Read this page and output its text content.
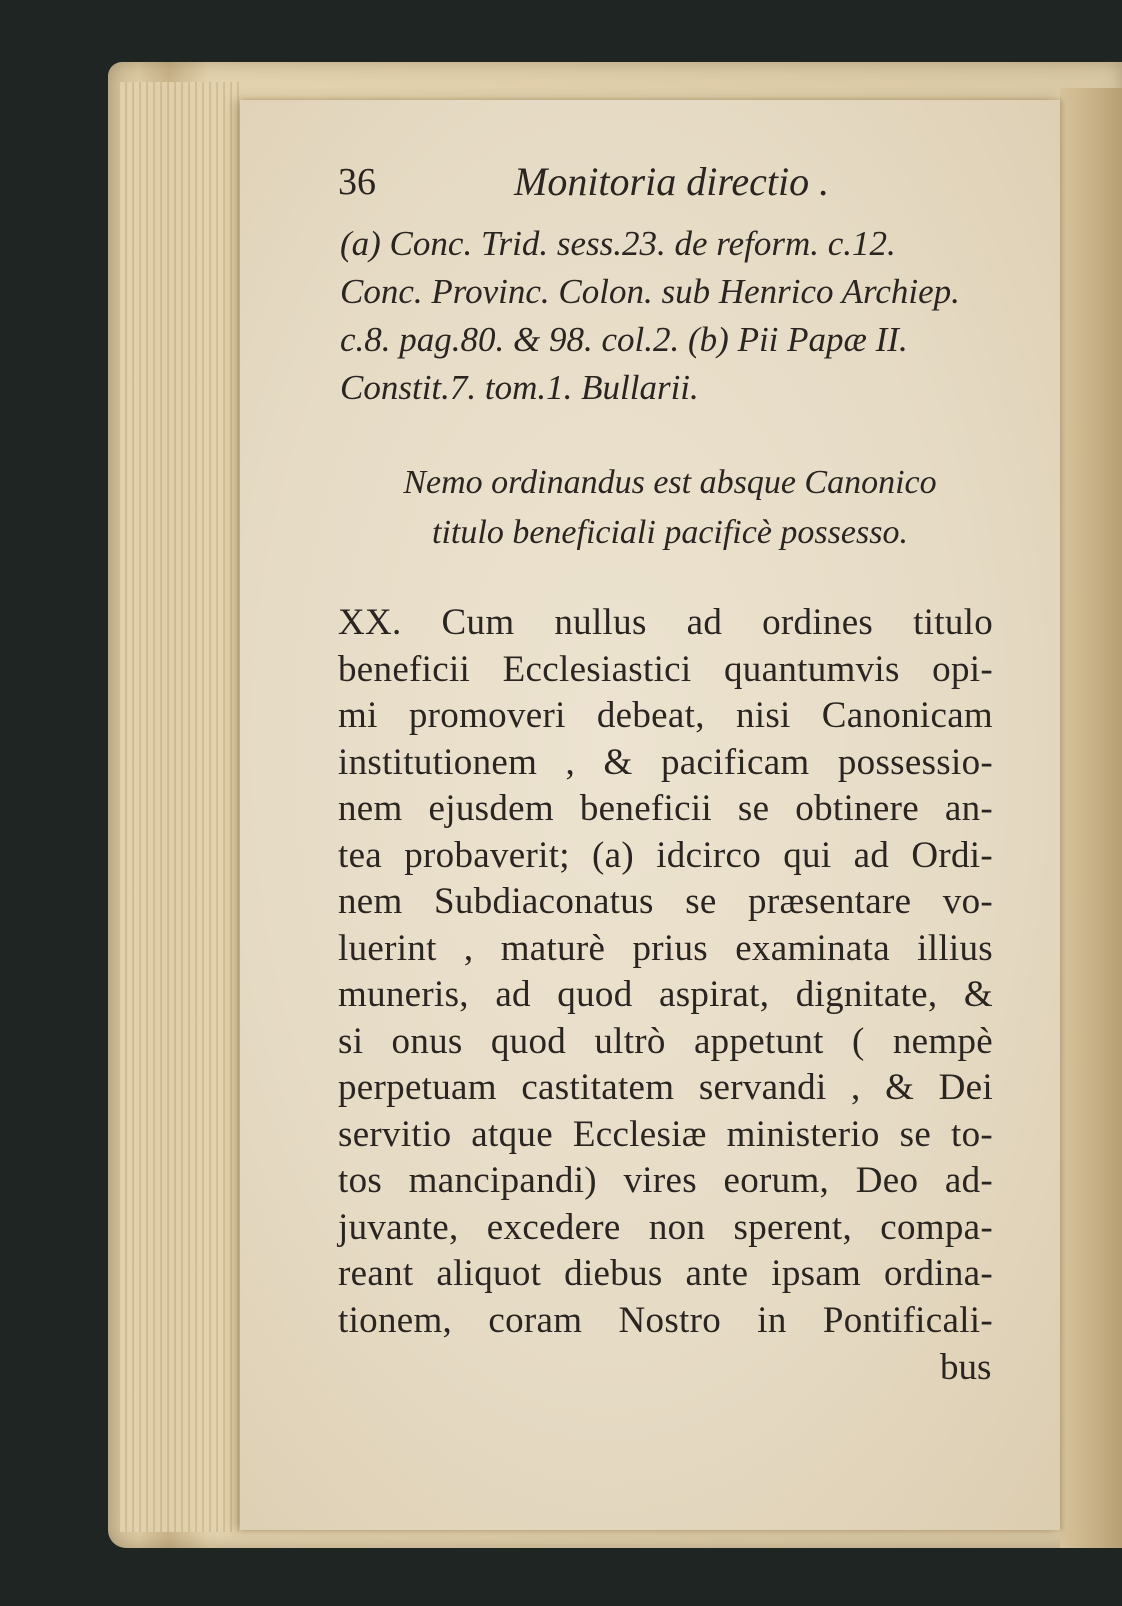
36	Monitoria directio .
(a) Conc. Trid. sess.23. de reform. c.12.
Conc. Provinc. Colon. sub Henrico Archiep.
c.8. pag.80. & 98. col.2. (b) Pii Papæ II.
Constit.7. tom.1. Bullarii.
Nemo ordinandus est absque Canonico
titulo beneficiali pacificè possesso.
XX. Cum nullus ad ordines titulo
beneficii Ecclesiastici quantumvis opi-
mi promoveri debeat, nisi Canonicam
institutionem , & pacificam possessio-
nem ejusdem beneficii se obtinere an-
tea probaverit; (a) idcirco qui ad Ordi-
nem Subdiaconatus se præsentare vo-
luerint , maturè prius examinata illius
muneris, ad quod aspirat, dignitate, &
si onus quod ultrò appetunt ( nempè
perpetuam castitatem servandi , & Dei
servitio atque Ecclesiæ ministerio se to-
tos mancipandi) vires eorum, Deo ad-
juvante, excedere non sperent, compa-
reant aliquot diebus ante ipsam ordina-
tionem, coram Nostro in Pontificali-
bus
